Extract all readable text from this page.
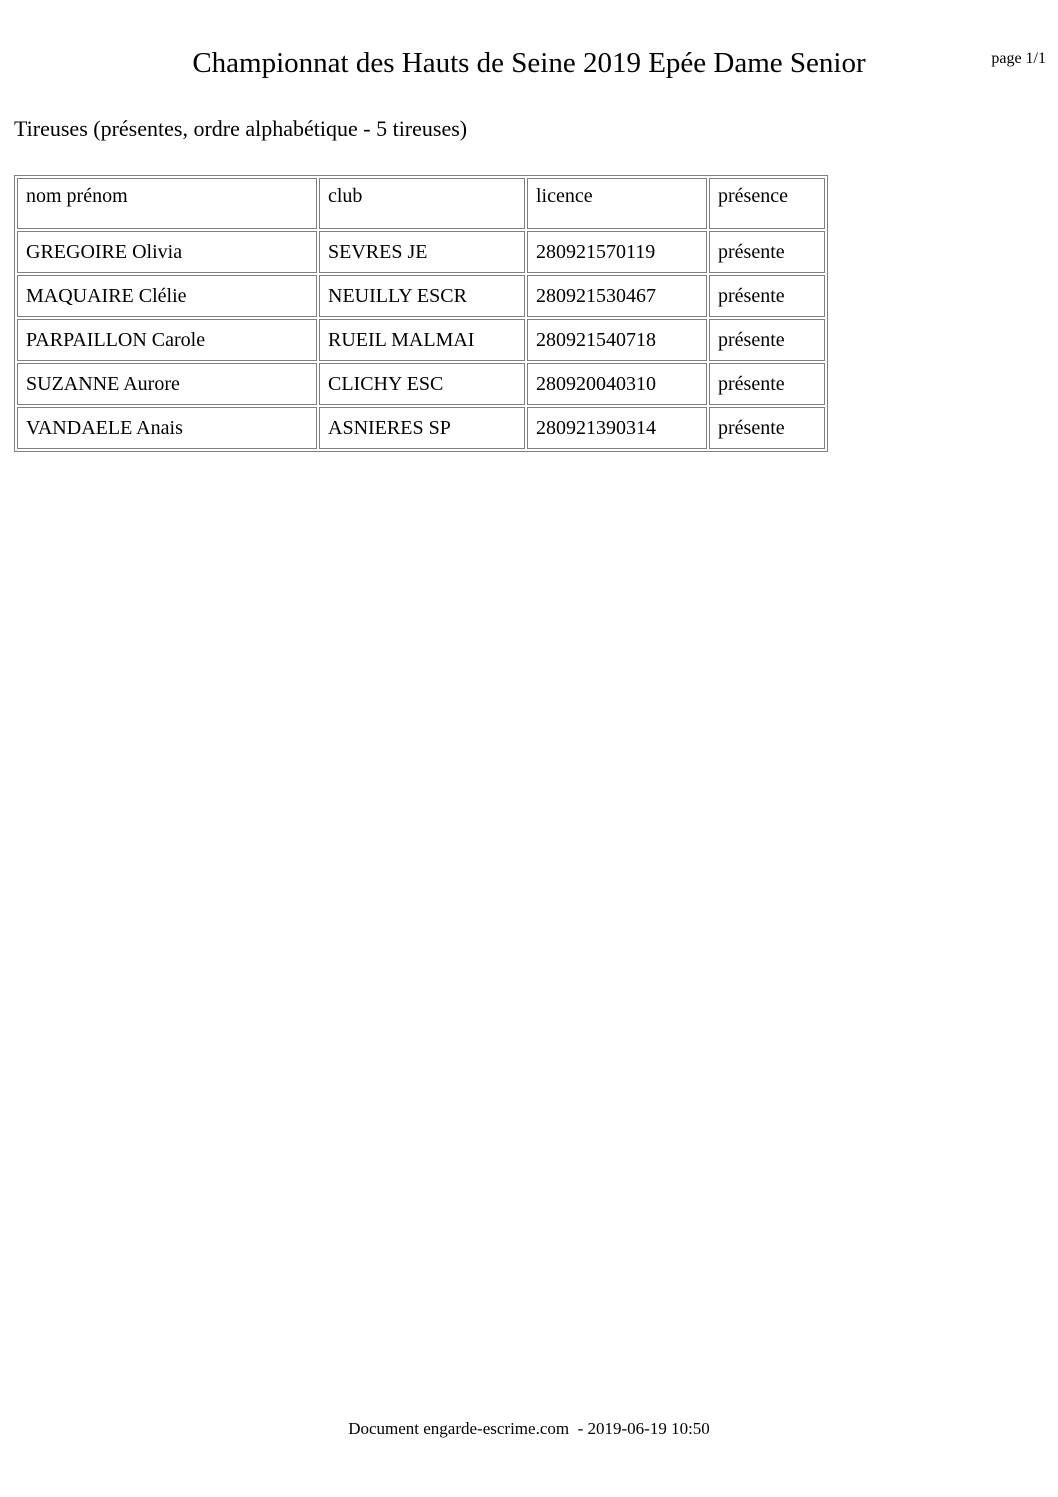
Championnat des Hauts de Seine 2019 Epée Dame Senior	page 1/1
Tireuses (présentes, ordre alphabétique - 5 tireuses)
nom prénom	club	licence	présence
GREGOIRE Olivia	SEVRES JE	280921570119	présente
MAQUAIRE Clélie	NEUILLY ESCR	280921530467	présente
PARPAILLON Carole	RUEIL MALMAI	280921540718	présente
SUZANNE Aurore	CLICHY ESC	280920040310	présente
VANDAELE Anais	ASNIERES SP	280921390314	présente
Document engarde-escrime.com  - 2019-06-19 10:50
